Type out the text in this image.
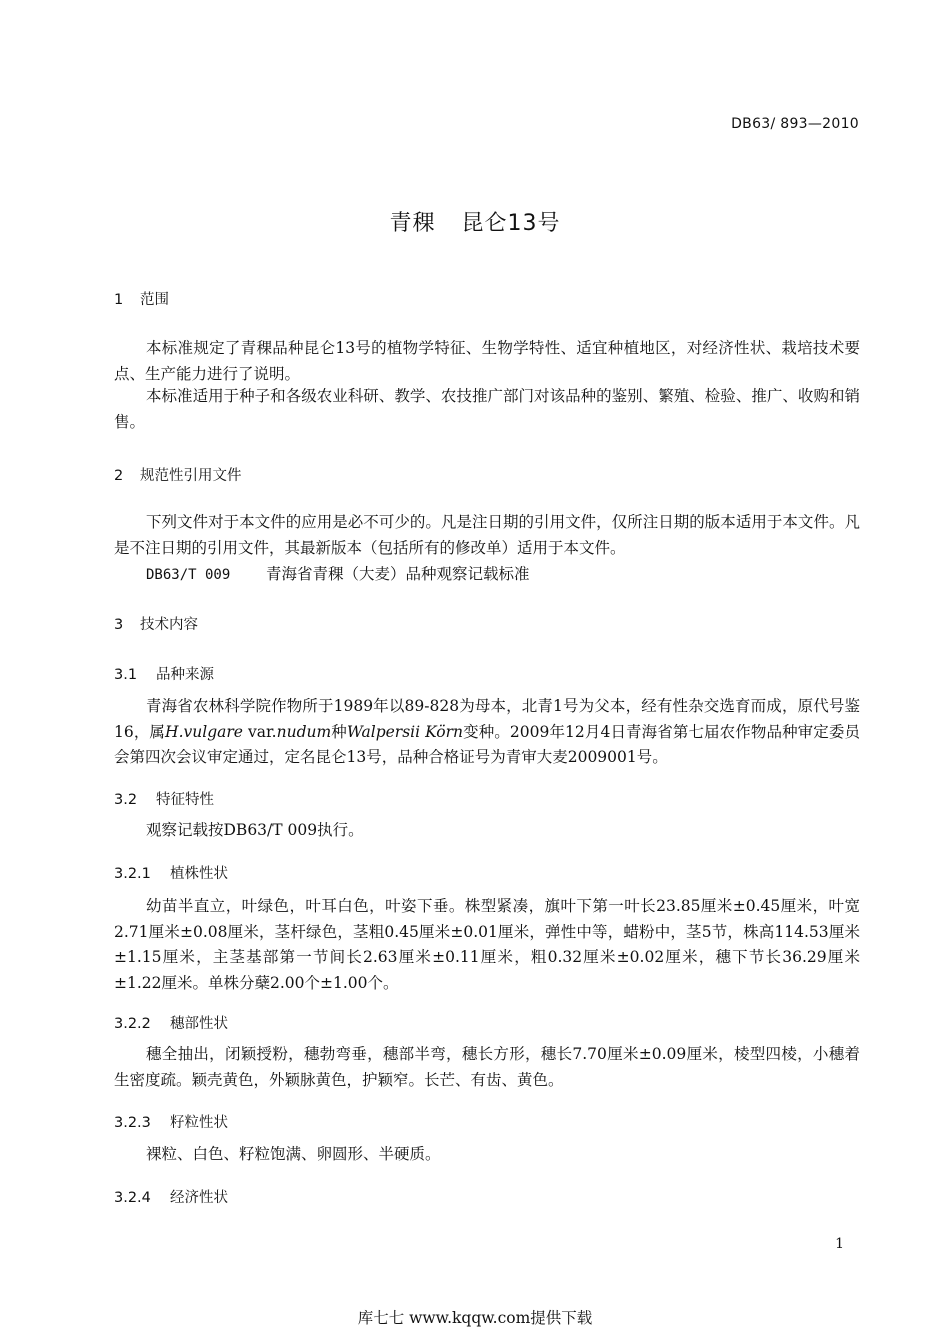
DB63/ 893—2010
青稞 昆仑13号
1 范围

本标准规定了青稞品种昆仑13号的植物学特征、生物学特性、适宜种植地区，对经济性状、栽培技术要点、生产能力进行了说明。

本标准适用于种子和各级农业科研、教学、农技推广部门对该品种的鉴别、繁殖、检验、推广、收购和销售。

2 规范性引用文件

下列文件对于本文件的应用是必不可少的。凡是注日期的引用文件，仅所注日期的版本适用于本文件。凡是不注日期的引用文件，其最新版本（包括所有的修改单）适用于本文件。

DB63/T 009 青海省青稞（大麦）品种观察记载标准
3 技术内容
3.1 品种来源

青海省农林科学院作物所于1989年以89-828为母本，北青1号为父本，经有性杂交选育而成，原代号鉴16，属H.vulgare var.nudum种Walpersii Körn变种。2009年12月4日青海省第七届农作物品种审定委员会第四次会议审定通过，定名昆仑13号，品种合格证号为青审大麦2009001号。

3.2 特征特性

观察记载按DB63/T 009执行。

3.2.1 植株性状

幼苗半直立，叶绿色，叶耳白色，叶姿下垂。株型紧凑，旗叶下第一叶长23.85厘米±0.45厘米，叶宽2.71厘米±0.08厘米，茎杆绿色，茎粗0.45厘米±0.01厘米，弹性中等，蜡粉中，茎5节，株高114.53厘米±1.15厘米，主茎基部第一节间长2.63厘米±0.11厘米，粗0.32厘米±0.02厘米，穗下节长36.29厘米±1.22厘米。单株分蘖2.00个±1.00个。

3.2.2 穗部性状

穗全抽出，闭颖授粉，穗勃弯垂，穗部半弯，穗长方形，穗长7.70厘米±0.09厘米，棱型四棱，小穗着生密度疏。颖壳黄色，外颖脉黄色，护颖窄。长芒、有齿、黄色。

3.2.3 籽粒性状

裸粒、白色、籽粒饱满、卵圆形、半硬质。

3.2.4 经济性状
1
库七七 www.kqqw.com提供下载
